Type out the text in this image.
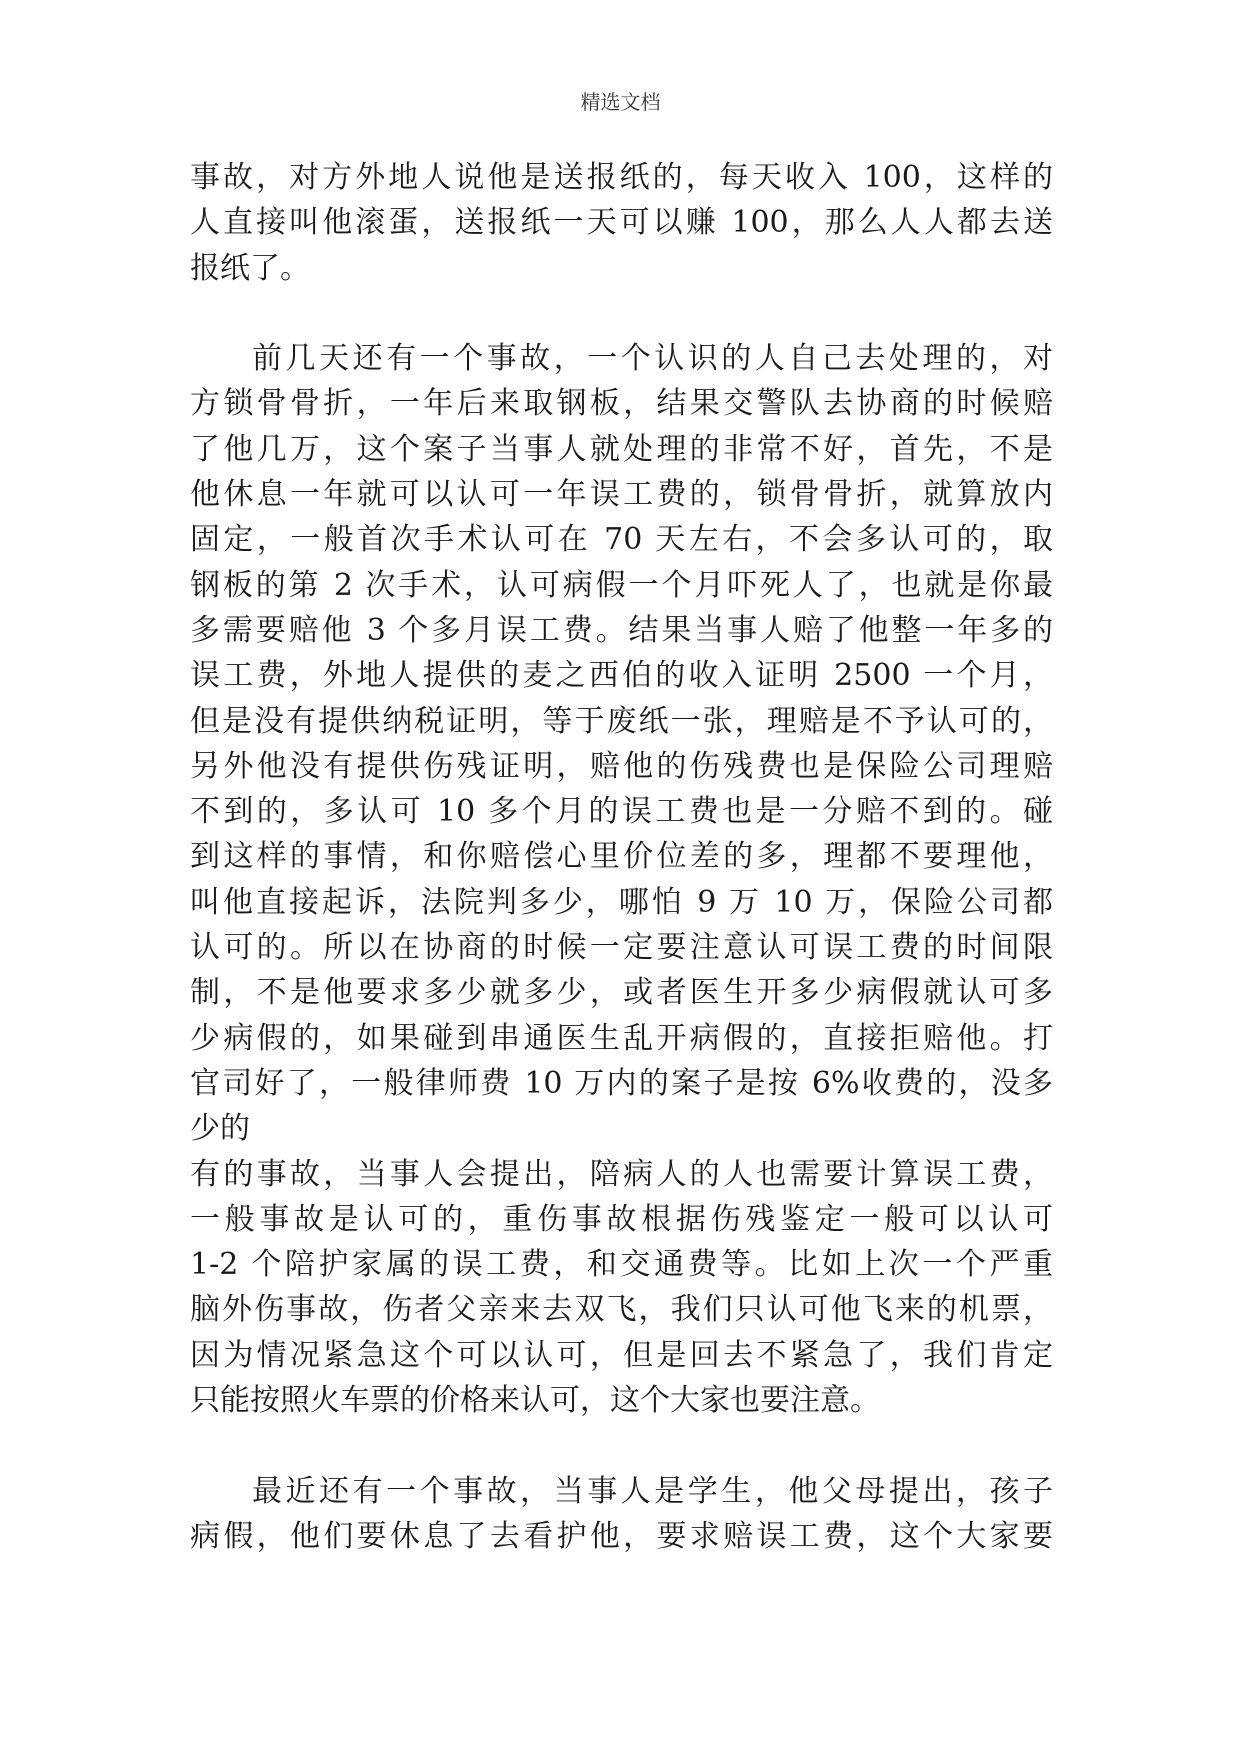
精选文档
事故，对方外地人说他是送报纸的，每天收入 100，这样的
人直接叫他滚蛋，送报纸一天可以赚 100，那么人人都去送
报纸了。
前几天还有一个事故，一个认识的人自己去处理的，对
方锁骨骨折，一年后来取钢板，结果交警队去协商的时候赔
了他几万，这个案子当事人就处理的非常不好，首先，不是
他休息一年就可以认可一年误工费的，锁骨骨折，就算放内
固定，一般首次手术认可在 70 天左右，不会多认可的，取
钢板的第 2 次手术，认可病假一个月吓死人了，也就是你最
多需要赔他 3 个多月误工费。结果当事人赔了他整一年多的
误工费，外地人提供的麦之西伯的收入证明 2500 一个月，
但是没有提供纳税证明，等于废纸一张，理赔是不予认可的，
另外他没有提供伤残证明，赔他的伤残费也是保险公司理赔
不到的，多认可 10 多个月的误工费也是一分赔不到的。碰
到这样的事情，和你赔偿心里价位差的多，理都不要理他，
叫他直接起诉，法院判多少，哪怕 9 万 10 万，保险公司都
认可的。所以在协商的时候一定要注意认可误工费的时间限
制，不是他要求多少就多少，或者医生开多少病假就认可多
少病假的，如果碰到串通医生乱开病假的，直接拒赔他。打
官司好了，一般律师费 10 万内的案子是按 6%收费的，没多
少的
有的事故，当事人会提出，陪病人的人也需要计算误工费，
一般事故是认可的，重伤事故根据伤残鉴定一般可以认可
1-2 个陪护家属的误工费，和交通费等。比如上次一个严重
脑外伤事故，伤者父亲来去双飞，我们只认可他飞来的机票，
因为情况紧急这个可以认可，但是回去不紧急了，我们肯定
只能按照火车票的价格来认可，这个大家也要注意。
最近还有一个事故，当事人是学生，他父母提出，孩子
病假，他们要休息了去看护他，要求赔误工费，这个大家要
